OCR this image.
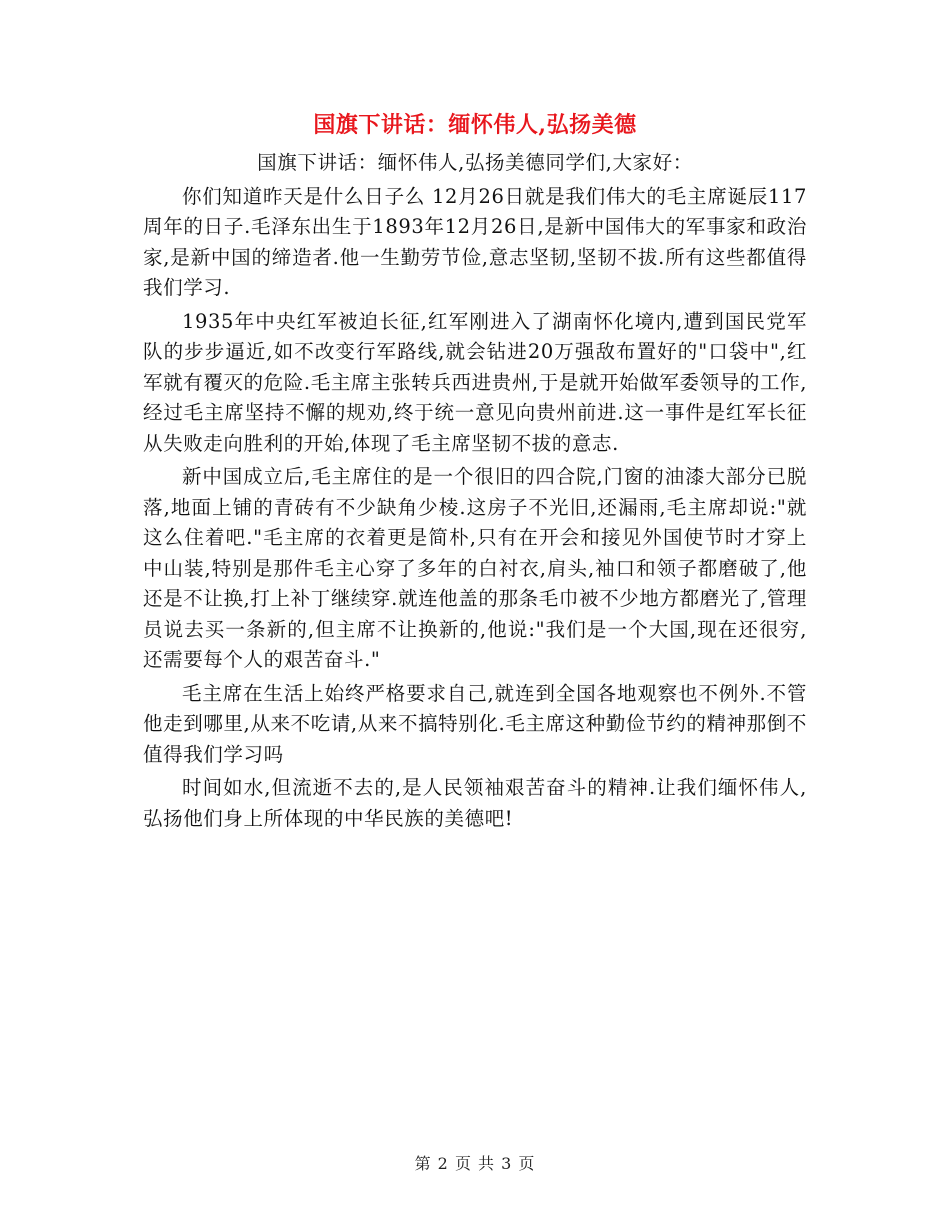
国旗下讲话：缅怀伟人,弘扬美德

国旗下讲话：缅怀伟人,弘扬美德同学们,大家好：

你们知道昨天是什么日子么 12月26日就是我们伟大的毛主席诞辰117周年的日子.毛泽东出生于1893年12月26日,是新中国伟大的军事家和政治家,是新中国的缔造者.他一生勤劳节俭,意志坚韧,坚韧不拔.所有这些都值得我们学习.

1935年中央红军被迫长征,红军刚进入了湖南怀化境内,遭到国民党军队的步步逼近,如不改变行军路线,就会钻进20万强敌布置好的"口袋中",红军就有覆灭的危险.毛主席主张转兵西进贵州,于是就开始做军委领导的工作,经过毛主席坚持不懈的规劝,终于统一意见向贵州前进.这一事件是红军长征从失败走向胜利的开始,体现了毛主席坚韧不拔的意志.

新中国成立后,毛主席住的是一个很旧的四合院,门窗的油漆大部分已脱落,地面上铺的青砖有不少缺角少棱.这房子不光旧,还漏雨,毛主席却说:"就这么住着吧."毛主席的衣着更是简朴,只有在开会和接见外国使节时才穿上中山装,特别是那件毛主心穿了多年的白衬衣,肩头,袖口和领子都磨破了,他还是不让换,打上补丁继续穿.就连他盖的那条毛巾被不少地方都磨光了,管理员说去买一条新的,但主席不让换新的,他说:"我们是一个大国,现在还很穷,还需要每个人的艰苦奋斗."

毛主席在生活上始终严格要求自己,就连到全国各地观察也不例外.不管他走到哪里,从来不吃请,从来不搞特别化.毛主席这种勤俭节约的精神那倒不值得我们学习吗

时间如水,但流逝不去的,是人民领袖艰苦奋斗的精神.让我们缅怀伟人,弘扬他们身上所体现的中华民族的美德吧!

第 2 页 共 3 页
